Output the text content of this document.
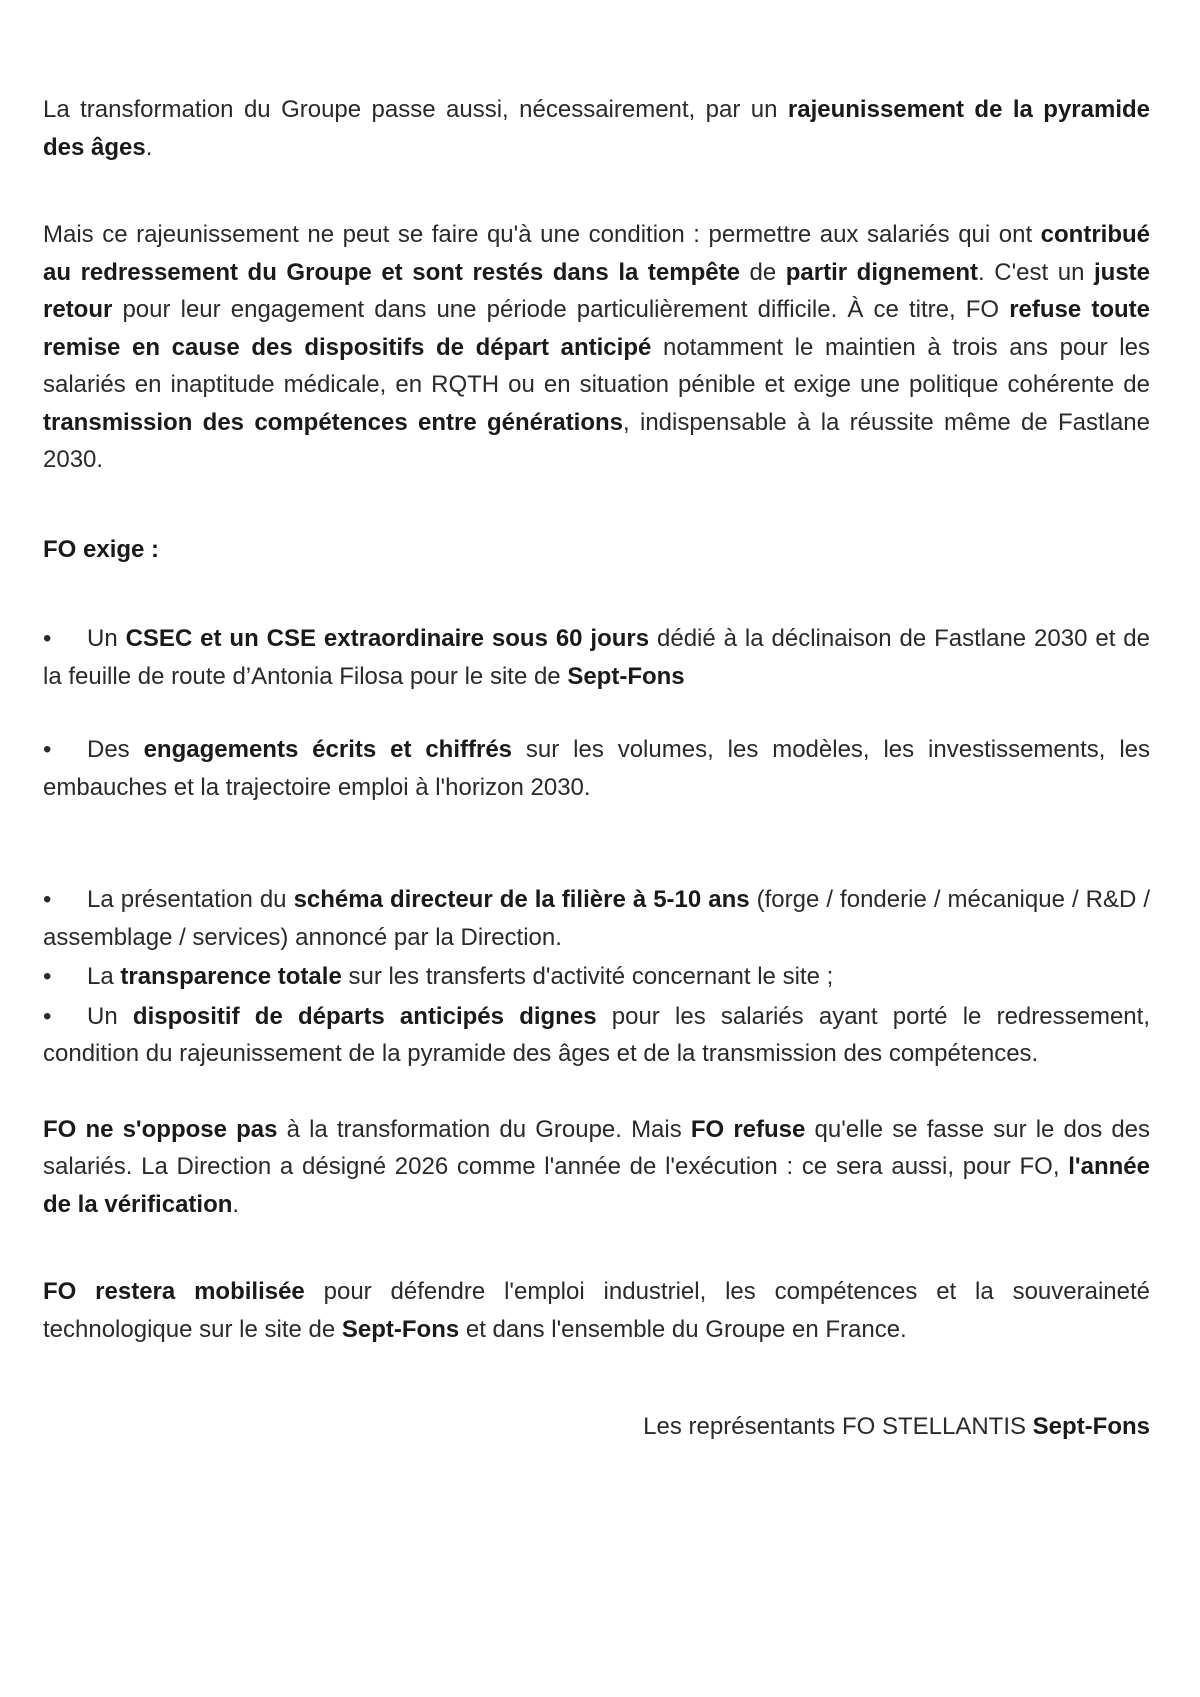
La transformation du Groupe passe aussi, nécessairement, par un rajeunissement de la pyramide des âges.

Mais ce rajeunissement ne peut se faire qu'à une condition : permettre aux salariés qui ont contribué au redressement du Groupe et sont restés dans la tempête de partir dignement. C'est un juste retour pour leur engagement dans une période particulièrement difficile. À ce titre, FO refuse toute remise en cause des dispositifs de départ anticipé notamment le maintien à trois ans pour les salariés en inaptitude médicale, en RQTH ou en situation pénible et exige une politique cohérente de transmission des compétences entre générations, indispensable à la réussite même de Fastlane 2030.

FO exige :

• Un CSEC et un CSE extraordinaire sous 60 jours dédié à la déclinaison de Fastlane 2030 et de la feuille de route d’Antonia Filosa pour le site de Sept-Fons

• Des engagements écrits et chiffrés sur les volumes, les modèles, les investissements, les embauches et la trajectoire emploi à l'horizon 2030.

• La présentation du schéma directeur de la filière à 5-10 ans (forge / fonderie / mécanique / R&D / assemblage / services) annoncé par la Direction.

• La transparence totale sur les transferts d'activité concernant le site ;

• Un dispositif de départs anticipés dignes pour les salariés ayant porté le redressement, condition du rajeunissement de la pyramide des âges et de la transmission des compétences.

FO ne s'oppose pas à la transformation du Groupe. Mais FO refuse qu'elle se fasse sur le dos des salariés. La Direction a désigné 2026 comme l'année de l'exécution : ce sera aussi, pour FO, l'année de la vérification.

FO restera mobilisée pour défendre l'emploi industriel, les compétences et la souveraineté technologique sur le site de Sept-Fons et dans l'ensemble du Groupe en France.

Les représentants FO STELLANTIS Sept-Fons
